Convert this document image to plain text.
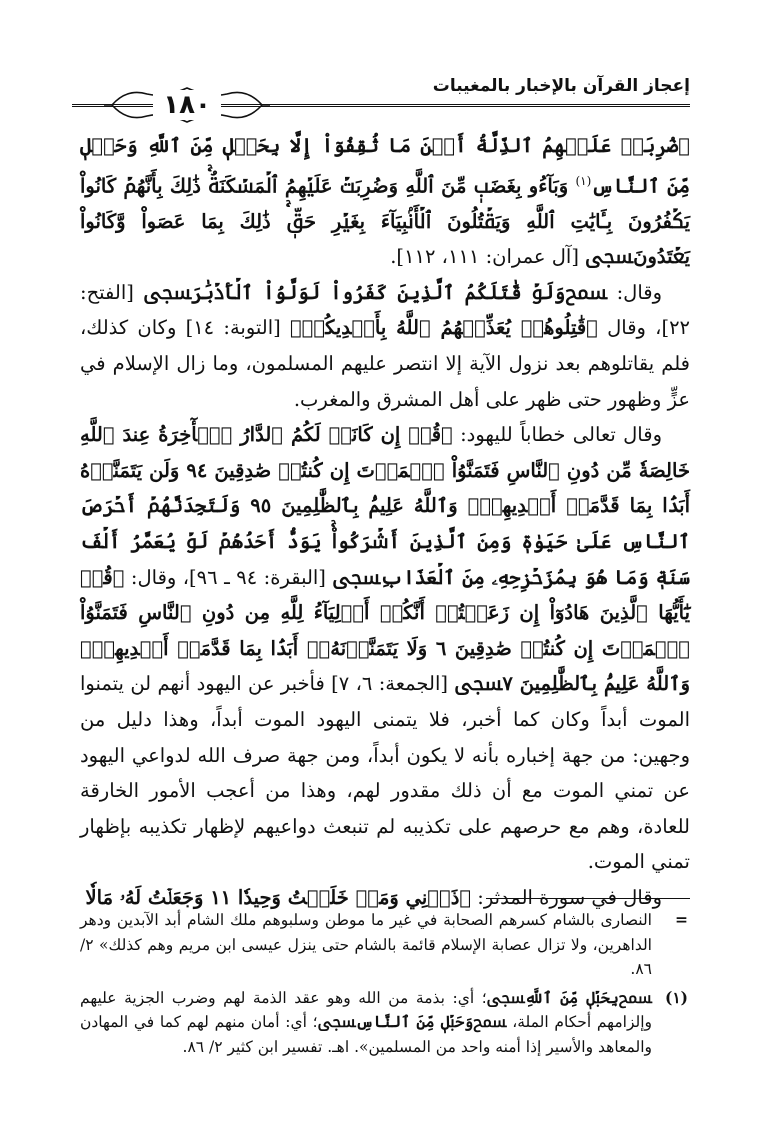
إعجاز القرآن بالإخبار بالمغيبات
١٨٠

ﵟضُرِبَتۡ عَلَيۡهِمُ ٱلذِّلَّةُ أَيۡنَ مَا ثُقِفُوٓاْ إِلَّا بِحَبۡلٖ مِّنَ ٱللَّهِ وَحَبۡلٖ مِّنَ ٱلنَّاسِ$^{(١)}$ وَبَآءُو بِغَضَبٖ مِّنَ ٱللَّهِ وَضُرِبَتۡ عَلَيۡهِمُ ٱلۡمَسۡكَنَةُۚ ذَٰلِكَ بِأَنَّهُمۡ كَانُواْ يَكۡفُرُونَ بِـَٔايَٰتِ ٱللَّهِ وَيَقۡتُلُونَ ٱلۡأَنۢبِيَآءَ بِغَيۡرِ حَقّٖۚ ذَٰلِكَ بِمَا عَصَواْ وَّكَانُواْ يَعۡتَدُونَﵞ [آل عمران: ١١١، ١١٢].

وقال: ﵟوَلَوۡ قَٰتَلَكُمُ ٱلَّذِينَ كَفَرُواْ لَوَلَّوُاْ ٱلۡأَدۡبَٰرَﵞ [الفتح: ٢٢]، وقال ﵟقَٰتِلُوهُمۡ يُعَذِّبۡهُمُ ٱللَّهُ بِأَيۡدِيكُمۡﵞ [التوبة: ١٤] وكان كذلك، فلم يقاتلوهم بعد نزول الآية إلا انتصر عليهم المسلمون، وما زال الإسلام في عزٍّ وظهور حتى ظهر على أهل المشرق والمغرب.

وقال تعالى خطاباً لليهود: ﵟقُلۡ إِن كَانَتۡ لَكُمُ ٱلدَّارُ ٱلۡأٓخِرَةُ عِندَ ٱللَّهِ خَالِصَةٗ مِّن دُونِ ٱلنَّاسِ فَتَمَنَّوُاْ ٱلۡمَوۡتَ إِن كُنتُمۡ صَٰدِقِينَ ٩٤ وَلَن يَتَمَنَّوۡهُ أَبَدَۢا بِمَا قَدَّمَتۡ أَيۡدِيهِمۡۚ وَٱللَّهُ عَلِيمُۢ بِٱلظَّٰلِمِينَ ٩٥ وَلَتَجِدَنَّهُمۡ أَحۡرَصَ ٱلنَّاسِ عَلَىٰ حَيَوٰةٖ وَمِنَ ٱلَّذِينَ أَشۡرَكُواْۚ يَوَدُّ أَحَدُهُمۡ لَوۡ يُعَمَّرُ أَلۡفَ سَنَةٖ وَمَا هُوَ بِمُزَحۡزِحِهِۦ مِنَ ٱلۡعَذَابِﵞ [البقرة: ٩٤ ـ ٩٦]، وقال: ﵟقُلۡ يَٰٓأَيُّهَا ٱلَّذِينَ هَادُوٓاْ إِن زَعَمۡتُمۡ أَنَّكُمۡ أَوۡلِيَآءُ لِلَّهِ مِن دُونِ ٱلنَّاسِ فَتَمَنَّوُاْ ٱلۡمَوۡتَ إِن كُنتُمۡ صَٰدِقِينَ ٦ وَلَا يَتَمَنَّوۡنَهُۥٓ أَبَدَۢا بِمَا قَدَّمَتۡ أَيۡدِيهِمۡۚ وَٱللَّهُ عَلِيمُۢ بِٱلظَّٰلِمِينَ ٧ﵞ [الجمعة: ٦، ٧] فأخبر عن اليهود أنهم لن يتمنوا الموت أبداً وكان كما أخبر، فلا يتمنى اليهود الموت أبداً، وهذا دليل من وجهين: من جهة إخباره بأنه لا يكون أبداً، ومن جهة صرف الله لدواعي اليهود عن تمني الموت مع أن ذلك مقدور لهم، وهذا من أعجب الأمور الخارقة للعادة، وهم مع حرصهم على تكذيبه لم تنبعث دواعيهم لإظهار تكذيبه بإظهار تمني الموت.

وقال في سورة المدثر: ﵟذَرۡنِي وَمَنۡ خَلَقۡتُ وَحِيدٗا ١١ وَجَعَلۡتُ لَهُۥ مَالٗا

=
النصارى بالشام كسرهم الصحابة في غير ما موطن وسلبوهم ملك الشام أبد الآبدين ودهر الداهرين، ولا تزال عصابة الإسلام قائمة بالشام حتى ينزل عيسى ابن مريم وهم كذلك» ٢/ ٨٦.
(١)
ﵟبِحَبۡلٖ مِّنَ ٱللَّهِﵞ؛ أي: بذمة من الله وهو عقد الذمة لهم وضرب الجزية عليهم وإلزامهم أحكام الملة، ﵟوَحَبۡلٖ مِّنَ ٱلنَّاسِﵞ؛ أي: أمان منهم لهم كما في المهادن والمعاهد والأسير إذا أمنه واحد من المسلمين». اهـ. تفسير ابن كثير ٢/ ٨٦.
